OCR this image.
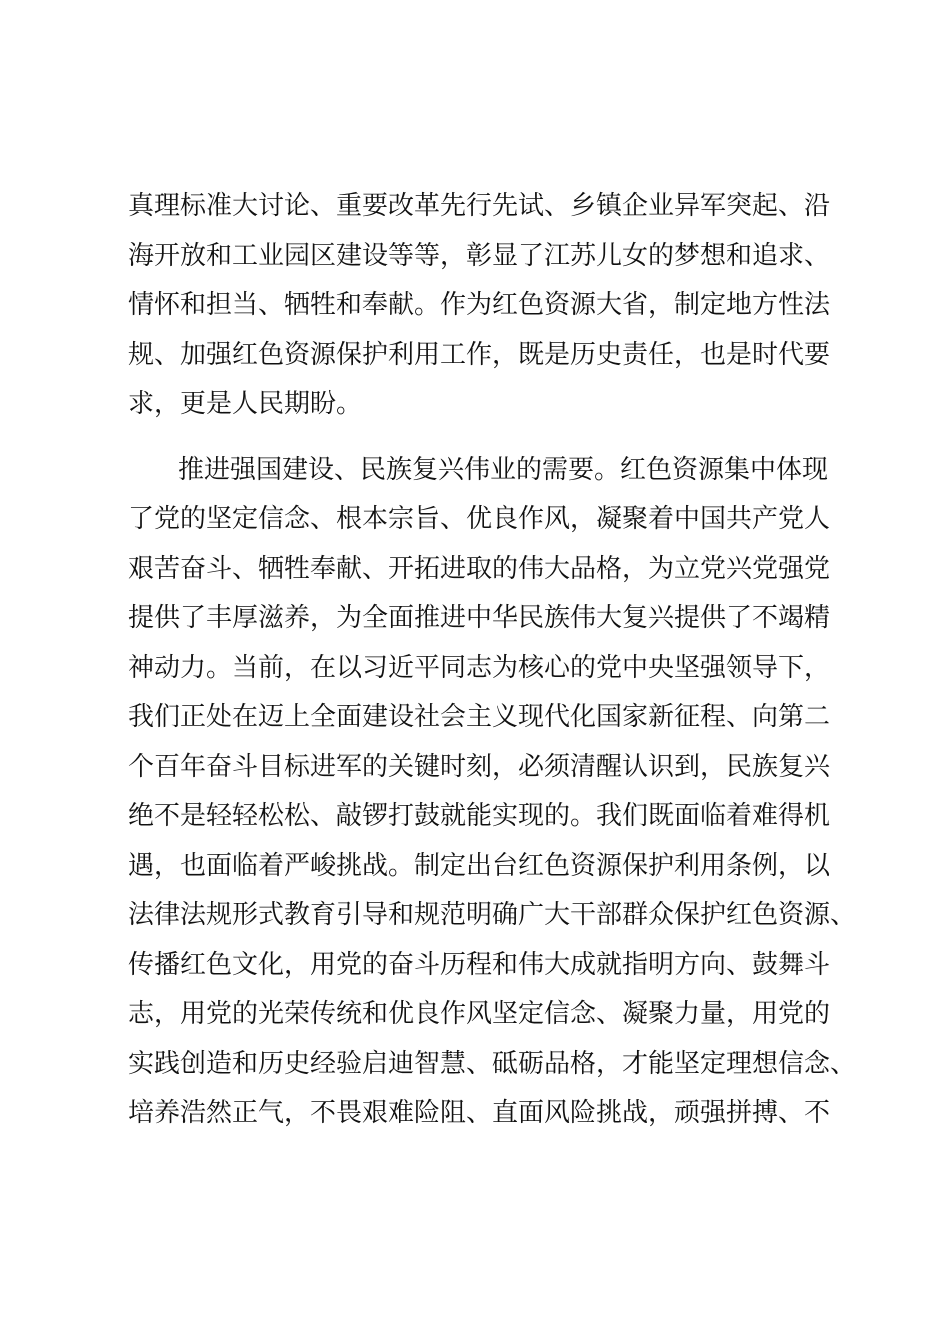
真理标准大讨论、重要改革先行先试、乡镇企业异军突起、沿
海开放和工业园区建设等等，彰显了江苏儿女的梦想和追求、
情怀和担当、牺牲和奉献。作为红色资源大省，制定地方性法
规、加强红色资源保护利用工作，既是历史责任，也是时代要
求，更是人民期盼。
推进强国建设、民族复兴伟业的需要。红色资源集中体现
了党的坚定信念、根本宗旨、优良作风，凝聚着中国共产党人
艰苦奋斗、牺牲奉献、开拓进取的伟大品格，为立党兴党强党
提供了丰厚滋养，为全面推进中华民族伟大复兴提供了不竭精
神动力。当前，在以习近平同志为核心的党中央坚强领导下，
我们正处在迈上全面建设社会主义现代化国家新征程、向第二
个百年奋斗目标进军的关键时刻，必须清醒认识到，民族复兴
绝不是轻轻松松、敲锣打鼓就能实现的。我们既面临着难得机
遇，也面临着严峻挑战。制定出台红色资源保护利用条例，以
法律法规形式教育引导和规范明确广大干部群众保护红色资源、
传播红色文化，用党的奋斗历程和伟大成就指明方向、鼓舞斗
志，用党的光荣传统和优良作风坚定信念、凝聚力量，用党的
实践创造和历史经验启迪智慧、砥砺品格，才能坚定理想信念、
培养浩然正气，不畏艰难险阻、直面风险挑战，顽强拼搏、不
